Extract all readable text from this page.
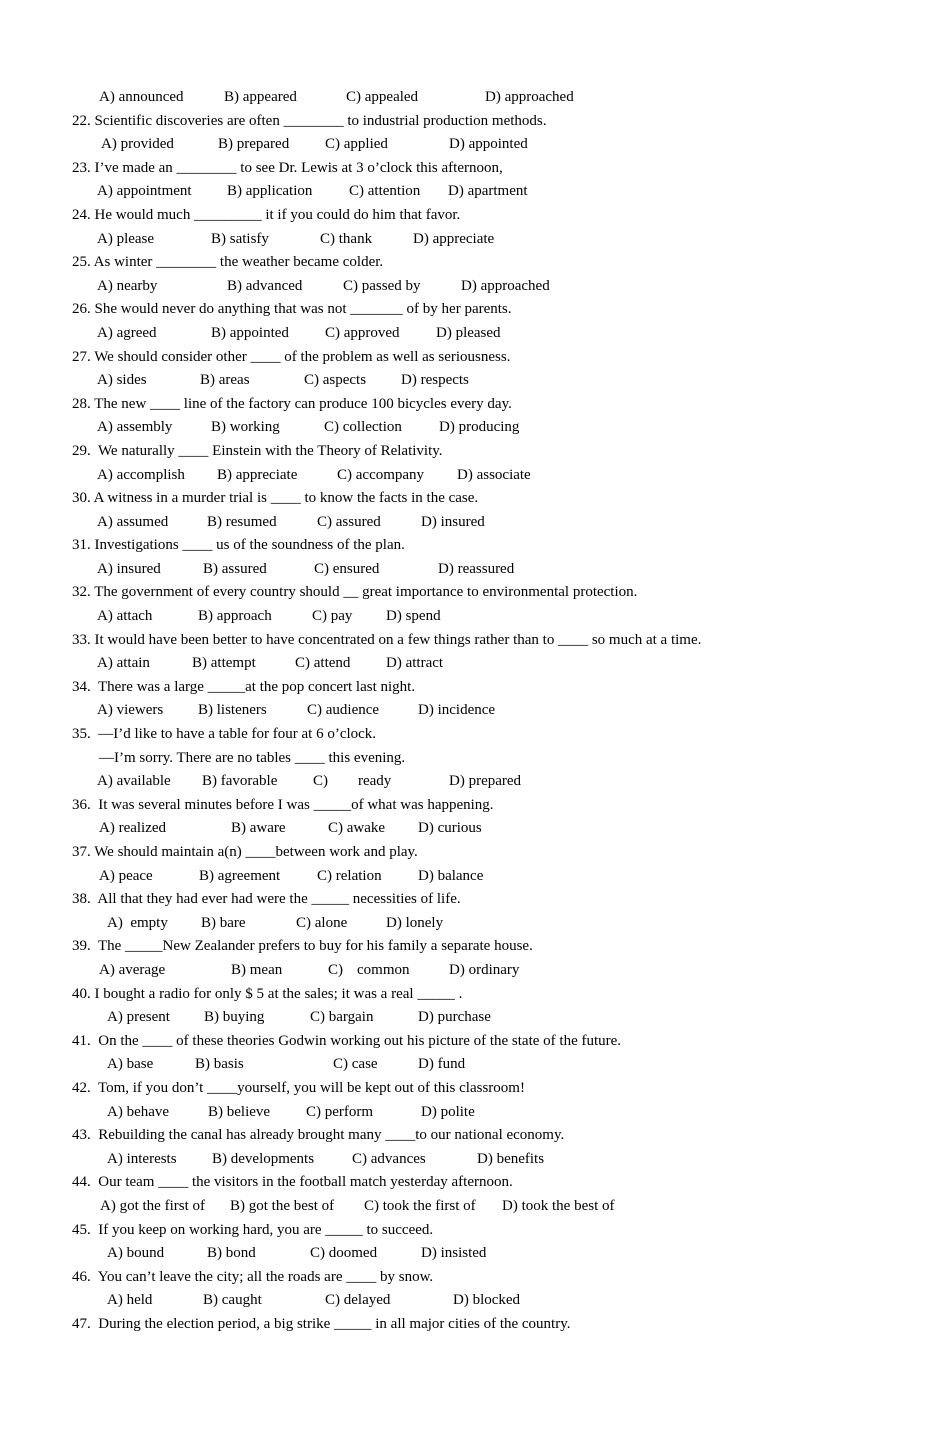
A) announced	B) appeared	C) appealed	D) approached
22. Scientific discoveries are often ________ to industrial production methods.
A) provided	B) prepared C) applied	D) appointed
23. I’ve made an ________ to see Dr. Lewis at 3 o’clock this afternoon,
A) appointment B) application C) attention D) apartment
24. He would much _________ it if you could do him that favor.
A) please	B) satisfy	C) thank	D) appreciate
25. As winter ________ the weather became colder.
A) nearby	B) advanced	C) passed by	D) approached
26. She would never do anything that was not _______ of by her parents.
A) agreed	B) appointed C) approved D) pleased
27. We should consider other ____ of the problem as well as seriousness.
A) sides	B) areas	C) aspects D) respects
28. The new ____ line of the factory can produce 100 bicycles every day.
A) assembly	B) working	C) collection D) producing
29.  We naturally ____ Einstein with the Theory of Relativity.
A) accomplish B) appreciate	C) accompany D) associate
30. A witness in a murder trial is ____ to know the facts in the case.
A) assumed	B) resumed	C) assured	D) insured
31. Investigations ____ us of the soundness of the plan.
A) insured	B) assured	C) ensured	D) reassured
32. The government of every country should __ great importance to environmental protection.
A) attach	B) approach	C) pay D) spend
33. It would have been better to have concentrated on a few things rather than to ____ so much at a time.
A) attain	B) attempt	C) attend D) attract
34.  There was a large _____at the pop concert last night.
A) viewers B) listeners	C) audience	D) incidence
35.  —I’d like to have a table for four at 6 o’clock.
—I’m sorry. There are no tables ____ this evening.
A) available B) favorable C) ready	D) prepared
36.  It was several minutes before I was _____of what was happening.
A) realized	B) aware	C) awake D) curious
37. We should maintain a(n) ____between work and play.
A) peace	B) agreement C) relation D) balance
38.  All that they had ever had were the _____ necessities of life.
A)  empty B) bare	C) alone	D) lonely
39.  The _____New Zealander prefers to buy for his family a separate house.
A) average	B) mean	C) common	D) ordinary
40. I bought a radio for only $ 5 at the sales; it was a real _____ .
A) present B) buying	C) bargain	D) purchase
41.  On the ____ of these theories Godwin working out his picture of the state of the future.
A) base	B) basis	C) case	D) fund
42.  Tom, if you don’t ____yourself, you will be kept out of this classroom!
A) behave	B) believe C) perform	D) polite
43.  Rebuilding the canal has already brought many ____to our national economy.
A) interests B) developments	C) advances	D) benefits
44.  Our team ____ the visitors in the football match yesterday afternoon.
A) got the first of B) got the best of C) took the first of D) took the best of
45.  If you keep on working hard, you are _____ to succeed.
A) bound	B) bond	C) doomed	D) insisted
46.  You can’t leave the city; all the roads are ____ by snow.
A) held	B) caught	C) delayed	D) blocked
47.  During the election period, a big strike _____ in all major cities of the country.
